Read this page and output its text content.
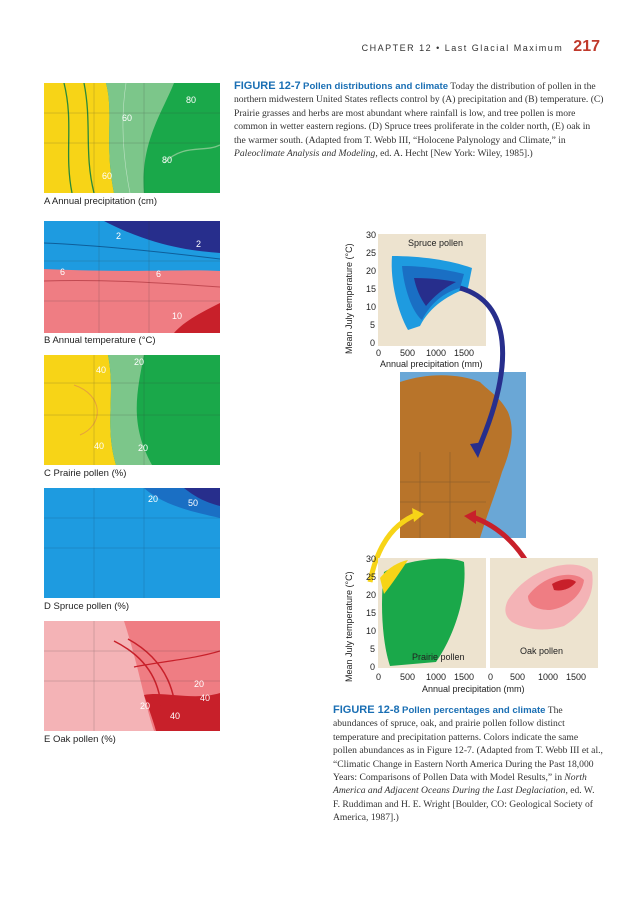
CHAPTER 12 • Last Glacial Maximum 217
FIGURE 12-7 Pollen distributions and climate Today the distribution of pollen in the northern midwestern United States reflects control by (A) precipitation and (B) temperature. (C) Prairie grasses and herbs are most abundant where rainfall is low, and tree pollen is more common in wetter eastern regions. (D) Spruce trees proliferate in the colder north, (E) oak in the warmer south. (Adapted from T. Webb III, “Holocene Palynology and Climate,” in Paleoclimate Analysis and Modeling, ed. A. Hecht [New York: Wiley, 1985].)
80
60
80
60
A Annual precipitation (cm)
2
2
6	6
10
B Annual temperature (°C)
40
20
40	20
C Prairie pollen (%)
20	50
D Spruce pollen (%)
20
40
20
40
E Oak pollen (%)
Mean July temperature (°C)
Spruce pollen
30
25
20
15
10
5
0
0 500 1000 1500
Annual precipitation (mm)
Mean July temperature (°C)	Prairie pollen
30
25
20
15
10
5
0
0 500 1000 1500
Oak pollen
0 500 1000 1500
Annual precipitation (mm)
FIGURE 12-8 Pollen percentages and climate The abundances of spruce, oak, and prairie pollen follow distinct temperature and precipitation patterns. Colors indicate the same pollen abundances as in Figure 12-7. (Adapted from T. Webb III et al., “Climatic Change in Eastern North America During the Past 18,000 Years: Comparisons of Pollen Data with Model Results,” in North America and Adjacent Oceans During the Last Deglaciation, ed. W. F. Ruddiman and H. E. Wright [Boulder, CO: Geological Society of America, 1987].)
